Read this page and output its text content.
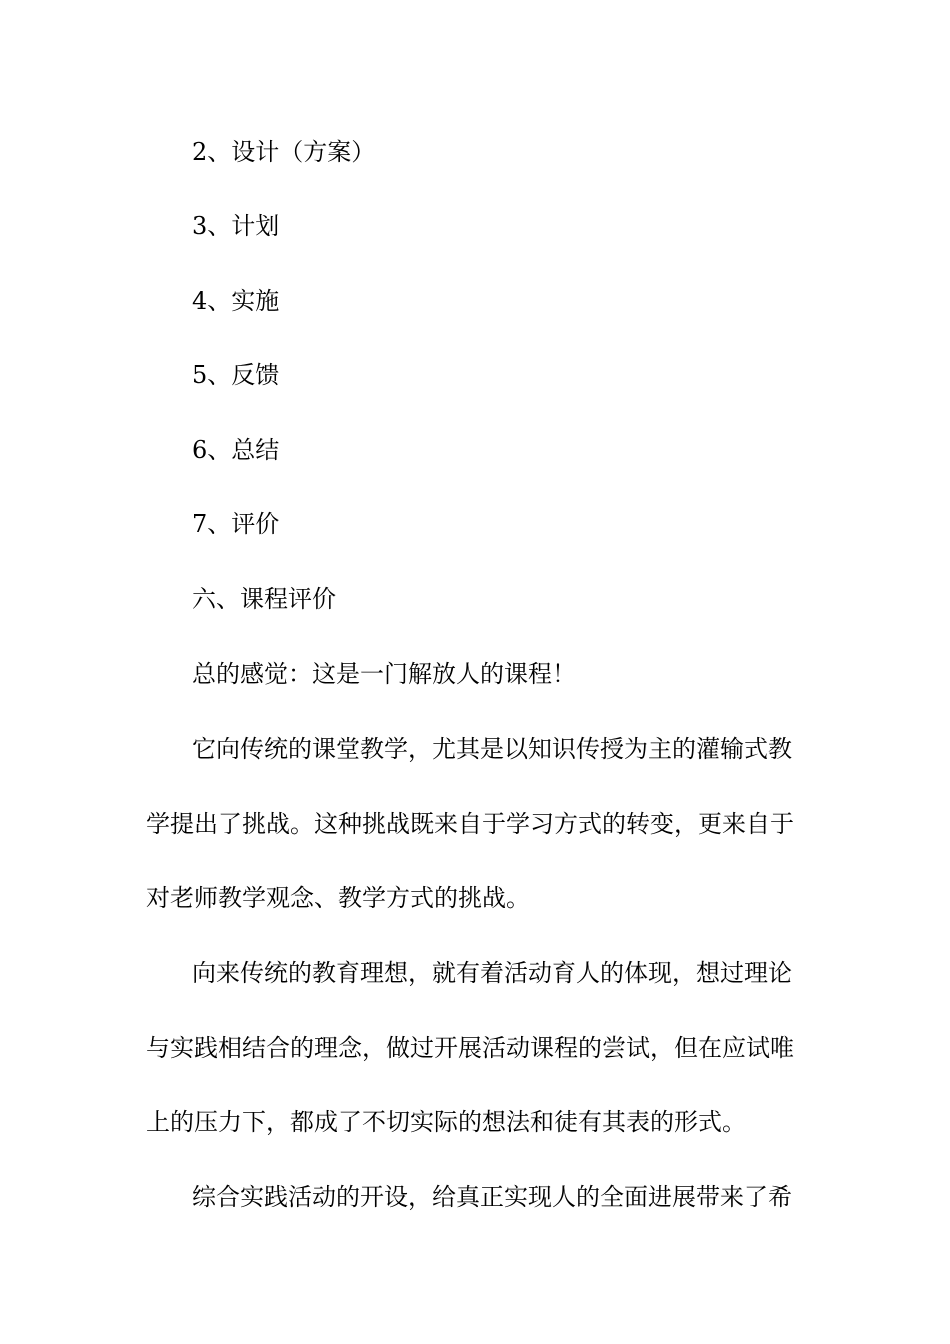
2、设计（方案）
3、计划
4、实施
5、反馈
6、总结
7、评价
六、课程评价
总的感觉：这是一门解放人的课程！
它向传统的课堂教学，尤其是以知识传授为主的灌输式教
学提出了挑战。这种挑战既来自于学习方式的转变，更来自于
对老师教学观念、教学方式的挑战。
向来传统的教育理想，就有着活动育人的体现，想过理论
与实践相结合的理念，做过开展活动课程的尝试，但在应试唯
上的压力下，都成了不切实际的想法和徒有其表的形式。
综合实践活动的开设，给真正实现人的全面进展带来了希
